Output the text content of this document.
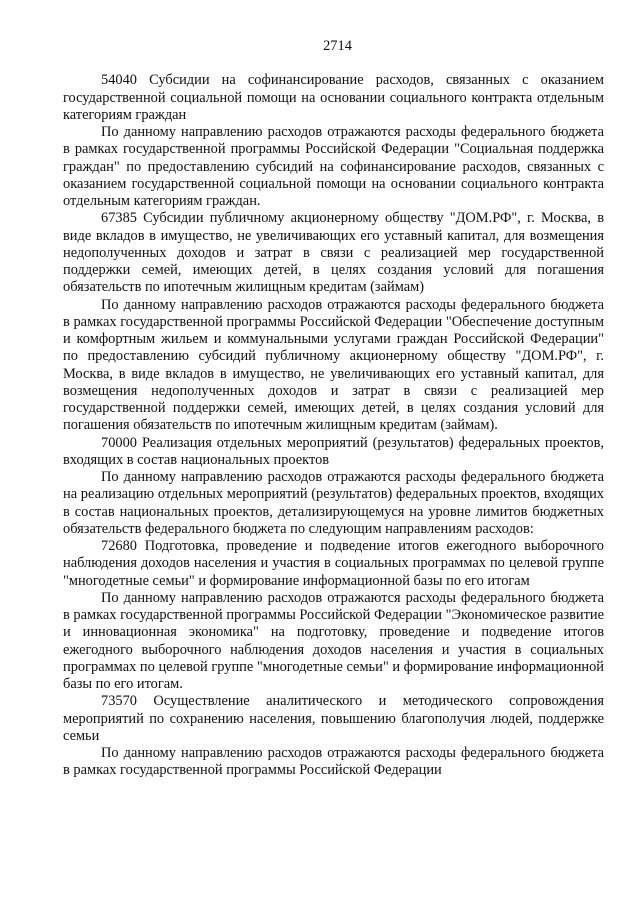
2714

54040 Субсидии на софинансирование расходов, связанных с оказанием государственной социальной помощи на основании социального контракта отдельным категориям граждан

По данному направлению расходов отражаются расходы федерального бюджета в рамках государственной программы Российской Федерации "Социальная поддержка граждан" по предоставлению субсидий на софинансирование расходов, связанных с оказанием государственной социальной помощи на основании социального контракта отдельным категориям граждан.

67385 Субсидии публичному акционерному обществу "ДОМ.РФ", г. Москва, в виде вкладов в имущество, не увеличивающих его уставный капитал, для возмещения недополученных доходов и затрат в связи с реализацией мер государственной поддержки семей, имеющих детей, в целях создания условий для погашения обязательств по ипотечным жилищным кредитам (займам)

По данному направлению расходов отражаются расходы федерального бюджета в рамках государственной программы Российской Федерации "Обеспечение доступным и комфортным жильем и коммунальными услугами граждан Российской Федерации" по предоставлению субсидий публичному акционерному обществу "ДОМ.РФ", г. Москва, в виде вкладов в имущество, не увеличивающих его уставный капитал, для возмещения недополученных доходов и затрат в связи с реализацией мер государственной поддержки семей, имеющих детей, в целях создания условий для погашения обязательств по ипотечным жилищным кредитам (займам).

70000 Реализация отдельных мероприятий (результатов) федеральных проектов, входящих в состав национальных проектов

По данному направлению расходов отражаются расходы федерального бюджета на реализацию отдельных мероприятий (результатов) федеральных проектов, входящих в состав национальных проектов, детализирующемуся на уровне лимитов бюджетных обязательств федерального бюджета по следующим направлениям расходов:

72680 Подготовка, проведение и подведение итогов ежегодного выборочного наблюдения доходов населения и участия в социальных программах по целевой группе "многодетные семьи" и формирование информационной базы по его итогам

По данному направлению расходов отражаются расходы федерального бюджета в рамках государственной программы Российской Федерации "Экономическое развитие и инновационная экономика" на подготовку, проведение и подведение итогов ежегодного выборочного наблюдения доходов населения и участия в социальных программах по целевой группе "многодетные семьи" и формирование информационной базы по его итогам.

73570 Осуществление аналитического и методического сопровождения мероприятий по сохранению населения, повышению благополучия людей, поддержке семьи

По данному направлению расходов отражаются расходы федерального бюджета в рамках государственной программы Российской Федерации
